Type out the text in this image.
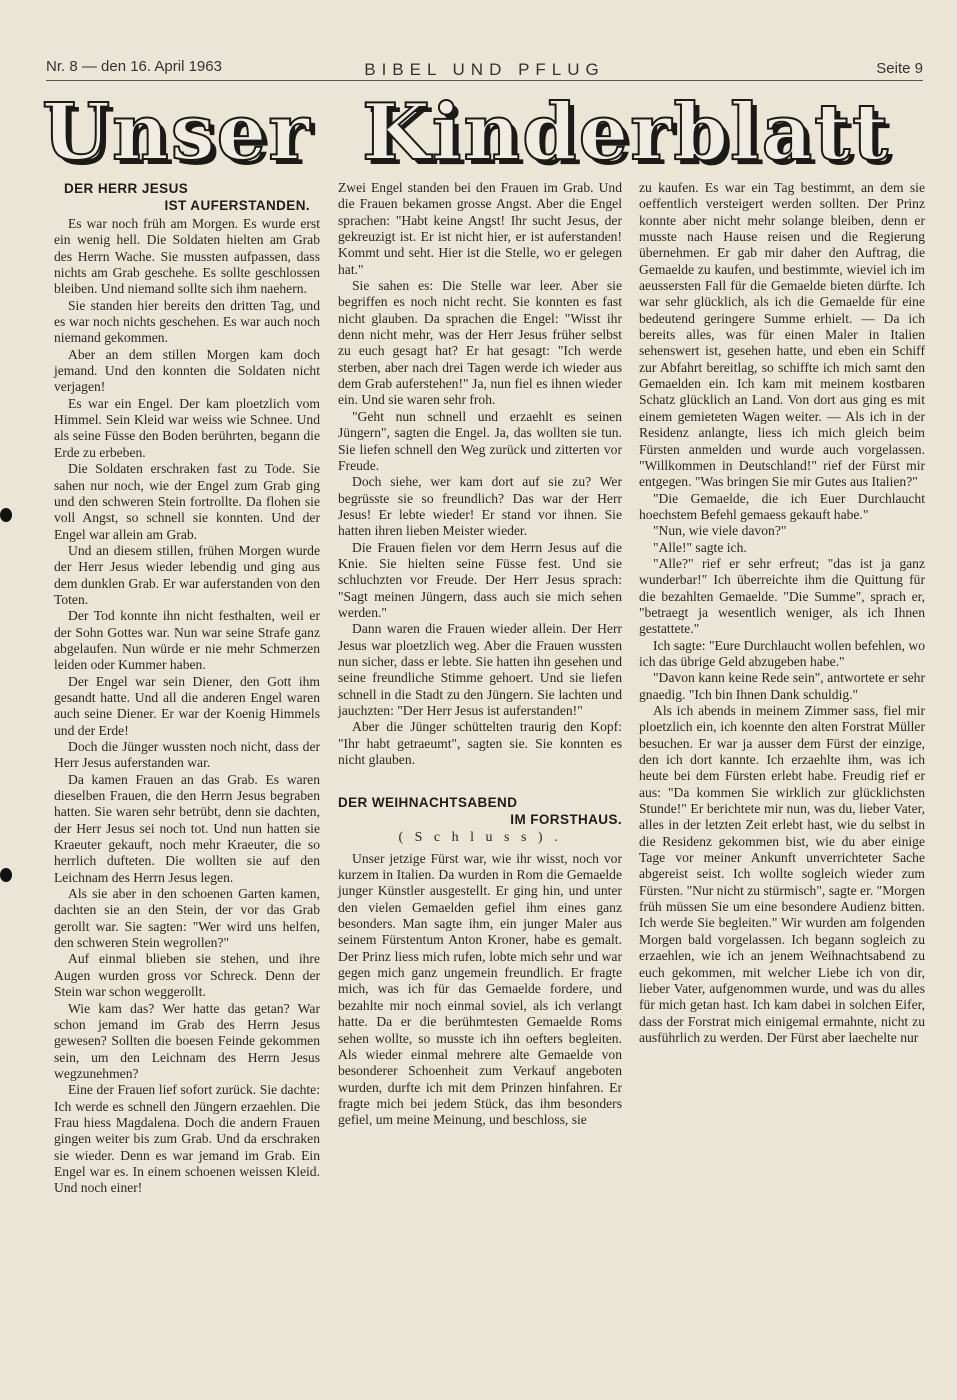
Nr. 8 — den 16. April 1963	BIBEL UND PFLUG	Seite 9
Unser Kinderblatt
DER HERR JESUS
IST AUFERSTANDEN.

Es war noch früh am Morgen. Es wurde erst ein wenig hell. Die Soldaten hielten am Grab des Herrn Wache. Sie mussten aufpassen, dass nichts am Grab geschehe. Es sollte geschlossen bleiben. Und niemand sollte sich ihm naehern.

Sie standen hier bereits den dritten Tag, und es war noch nichts geschehen. Es war auch noch niemand gekommen.

Aber an dem stillen Morgen kam doch jemand. Und den konnten die Soldaten nicht verjagen!

Es war ein Engel. Der kam ploetzlich vom Himmel. Sein Kleid war weiss wie Schnee. Und als seine Füsse den Boden berührten, begann die Erde zu erbeben.

Die Soldaten erschraken fast zu Tode. Sie sahen nur noch, wie der Engel zum Grab ging und den schweren Stein fortrollte. Da flohen sie voll Angst, so schnell sie konnten. Und der Engel war allein am Grab.

Und an diesem stillen, frühen Morgen wurde der Herr Jesus wieder lebendig und ging aus dem dunklen Grab. Er war auferstanden von den Toten.

Der Tod konnte ihn nicht festhalten, weil er der Sohn Gottes war. Nun war seine Strafe ganz abgelaufen. Nun würde er nie mehr Schmerzen leiden oder Kummer haben.

Der Engel war sein Diener, den Gott ihm gesandt hatte. Und all die anderen Engel waren auch seine Diener. Er war der Koenig Himmels und der Erde!

Doch die Jünger wussten noch nicht, dass der Herr Jesus auferstanden war.

Da kamen Frauen an das Grab. Es waren dieselben Frauen, die den Herrn Jesus begraben hatten. Sie waren sehr betrübt, denn sie dachten, der Herr Jesus sei noch tot. Und nun hatten sie Kraeuter gekauft, noch mehr Kraeuter, die so herrlich dufteten. Die wollten sie auf den Leichnam des Herrn Jesus legen.

Als sie aber in den schoenen Garten kamen, dachten sie an den Stein, der vor das Grab gerollt war. Sie sagten: "Wer wird uns helfen, den schweren Stein wegrollen?"

Auf einmal blieben sie stehen, und ihre Augen wurden gross vor Schreck. Denn der Stein war schon weggerollt.

Wie kam das? Wer hatte das getan? War schon jemand im Grab des Herrn Jesus gewesen? Sollten die boesen Feinde gekommen sein, um den Leichnam des Herrn Jesus wegzunehmen?

Eine der Frauen lief sofort zurück. Sie dachte: Ich werde es schnell den Jüngern erzaehlen. Die Frau hiess Magdalena. Doch die andern Frauen gingen weiter bis zum Grab. Und da erschraken sie wieder. Denn es war jemand im Grab. Ein Engel war es. In einem schoenen weissen Kleid. Und noch einer!

Zwei Engel standen bei den Frauen im Grab. Und die Frauen bekamen grosse Angst. Aber die Engel sprachen: "Habt keine Angst! Ihr sucht Jesus, der gekreuzigt ist. Er ist nicht hier, er ist auferstanden! Kommt und seht. Hier ist die Stelle, wo er gelegen hat."

Sie sahen es: Die Stelle war leer. Aber sie begriffen es noch nicht recht. Sie konnten es fast nicht glauben. Da sprachen die Engel: "Wisst ihr denn nicht mehr, was der Herr Jesus früher selbst zu euch gesagt hat? Er hat gesagt: "Ich werde sterben, aber nach drei Tagen werde ich wieder aus dem Grab auferstehen!" Ja, nun fiel es ihnen wieder ein. Und sie waren sehr froh.

"Geht nun schnell und erzaehlt es seinen Jüngern", sagten die Engel. Ja, das wollten sie tun. Sie liefen schnell den Weg zurück und zitterten vor Freude.

Doch siehe, wer kam dort auf sie zu? Wer begrüsste sie so freundlich? Das war der Herr Jesus! Er lebte wieder! Er stand vor ihnen. Sie hatten ihren lieben Meister wieder.

Die Frauen fielen vor dem Herrn Jesus auf die Knie. Sie hielten seine Füsse fest. Und sie schluchzten vor Freude. Der Herr Jesus sprach: "Sagt meinen Jüngern, dass auch sie mich sehen werden."

Dann waren die Frauen wieder allein. Der Herr Jesus war ploetzlich weg. Aber die Frauen wussten nun sicher, dass er lebte. Sie hatten ihn gesehen und seine freundliche Stimme gehoert. Und sie liefen schnell in die Stadt zu den Jüngern. Sie lachten und jauchzten: "Der Herr Jesus ist auferstanden!"

Aber die Jünger schüttelten traurig den Kopf: "Ihr habt getraeumt", sagten sie. Sie konnten es nicht glauben.

DER WEIHNACHTSABEND
IM FORSTHAUS.
( S c h l u s s ) .

Unser jetzige Fürst war, wie ihr wisst, noch vor kurzem in Italien. Da wurden in Rom die Gemaelde junger Künstler ausgestellt. Er ging hin, und unter den vielen Gemaelden gefiel ihm eines ganz besonders. Man sagte ihm, ein junger Maler aus seinem Fürstentum Anton Kroner, habe es gemalt. Der Prinz liess mich rufen, lobte mich sehr und war gegen mich ganz ungemein freundlich. Er fragte mich, was ich für das Gemaelde fordere, und bezahlte mir noch einmal soviel, als ich verlangt hatte. Da er die berühmtesten Gemaelde Roms sehen wollte, so musste ich ihn oefters begleiten. Als wieder einmal mehrere alte Gemaelde von besonderer Schoenheit zum Verkauf angeboten wurden, durfte ich mit dem Prinzen hinfahren. Er fragte mich bei jedem Stück, das ihm besonders gefiel, um meine Meinung, und beschloss, sie

zu kaufen. Es war ein Tag bestimmt, an dem sie oeffentlich versteigert werden sollten. Der Prinz konnte aber nicht mehr solange bleiben, denn er musste nach Hause reisen und die Regierung übernehmen. Er gab mir daher den Auftrag, die Gemaelde zu kaufen, und bestimmte, wieviel ich im aeussersten Fall für die Gemaelde bieten dürfte. Ich war sehr glücklich, als ich die Gemaelde für eine bedeutend geringere Summe erhielt. — Da ich bereits alles, was für einen Maler in Italien sehenswert ist, gesehen hatte, und eben ein Schiff zur Abfahrt bereitlag, so schiffte ich mich samt den Gemaelden ein. Ich kam mit meinem kostbaren Schatz glücklich an Land. Von dort aus ging es mit einem gemieteten Wagen weiter. — Als ich in der Residenz anlangte, liess ich mich gleich beim Fürsten anmelden und wurde auch vorgelassen. "Willkommen in Deutschland!" rief der Fürst mir entgegen. "Was bringen Sie mir Gutes aus Italien?"

"Die Gemaelde, die ich Euer Durchlaucht hoechstem Befehl gemaess gekauft habe."

"Nun, wie viele davon?"

"Alle!" sagte ich.

"Alle?" rief er sehr erfreut; "das ist ja ganz wunderbar!" Ich überreichte ihm die Quittung für die bezahlten Gemaelde. "Die Summe", sprach er, "betraegt ja wesentlich weniger, als ich Ihnen gestattete."

Ich sagte: "Eure Durchlaucht wollen befehlen, wo ich das übrige Geld abzugeben habe."

"Davon kann keine Rede sein", antwortete er sehr gnaedig. "Ich bin Ihnen Dank schuldig."

Als ich abends in meinem Zimmer sass, fiel mir ploetzlich ein, ich koennte den alten Forstrat Müller besuchen. Er war ja ausser dem Fürst der einzige, den ich dort kannte. Ich erzaehlte ihm, was ich heute bei dem Fürsten erlebt habe. Freudig rief er aus: "Da kommen Sie wirklich zur glücklichsten Stunde!" Er berichtete mir nun, was du, lieber Vater, alles in der letzten Zeit erlebt hast, wie du selbst in die Residenz gekommen bist, wie du aber einige Tage vor meiner Ankunft unverrichteter Sache abgereist seist. Ich wollte sogleich wieder zum Fürsten. "Nur nicht zu stürmisch", sagte er. "Morgen früh müssen Sie um eine besondere Audienz bitten. Ich werde Sie begleiten." Wir wurden am folgenden Morgen bald vorgelassen. Ich begann sogleich zu erzaehlen, wie ich an jenem Weihnachtsabend zu euch gekommen, mit welcher Liebe ich von dir, lieber Vater, aufgenommen wurde, und was du alles für mich getan hast. Ich kam dabei in solchen Eifer, dass der Forstrat mich einigemal ermahnte, nicht zu ausführlich zu werden. Der Fürst aber laechelte nur
